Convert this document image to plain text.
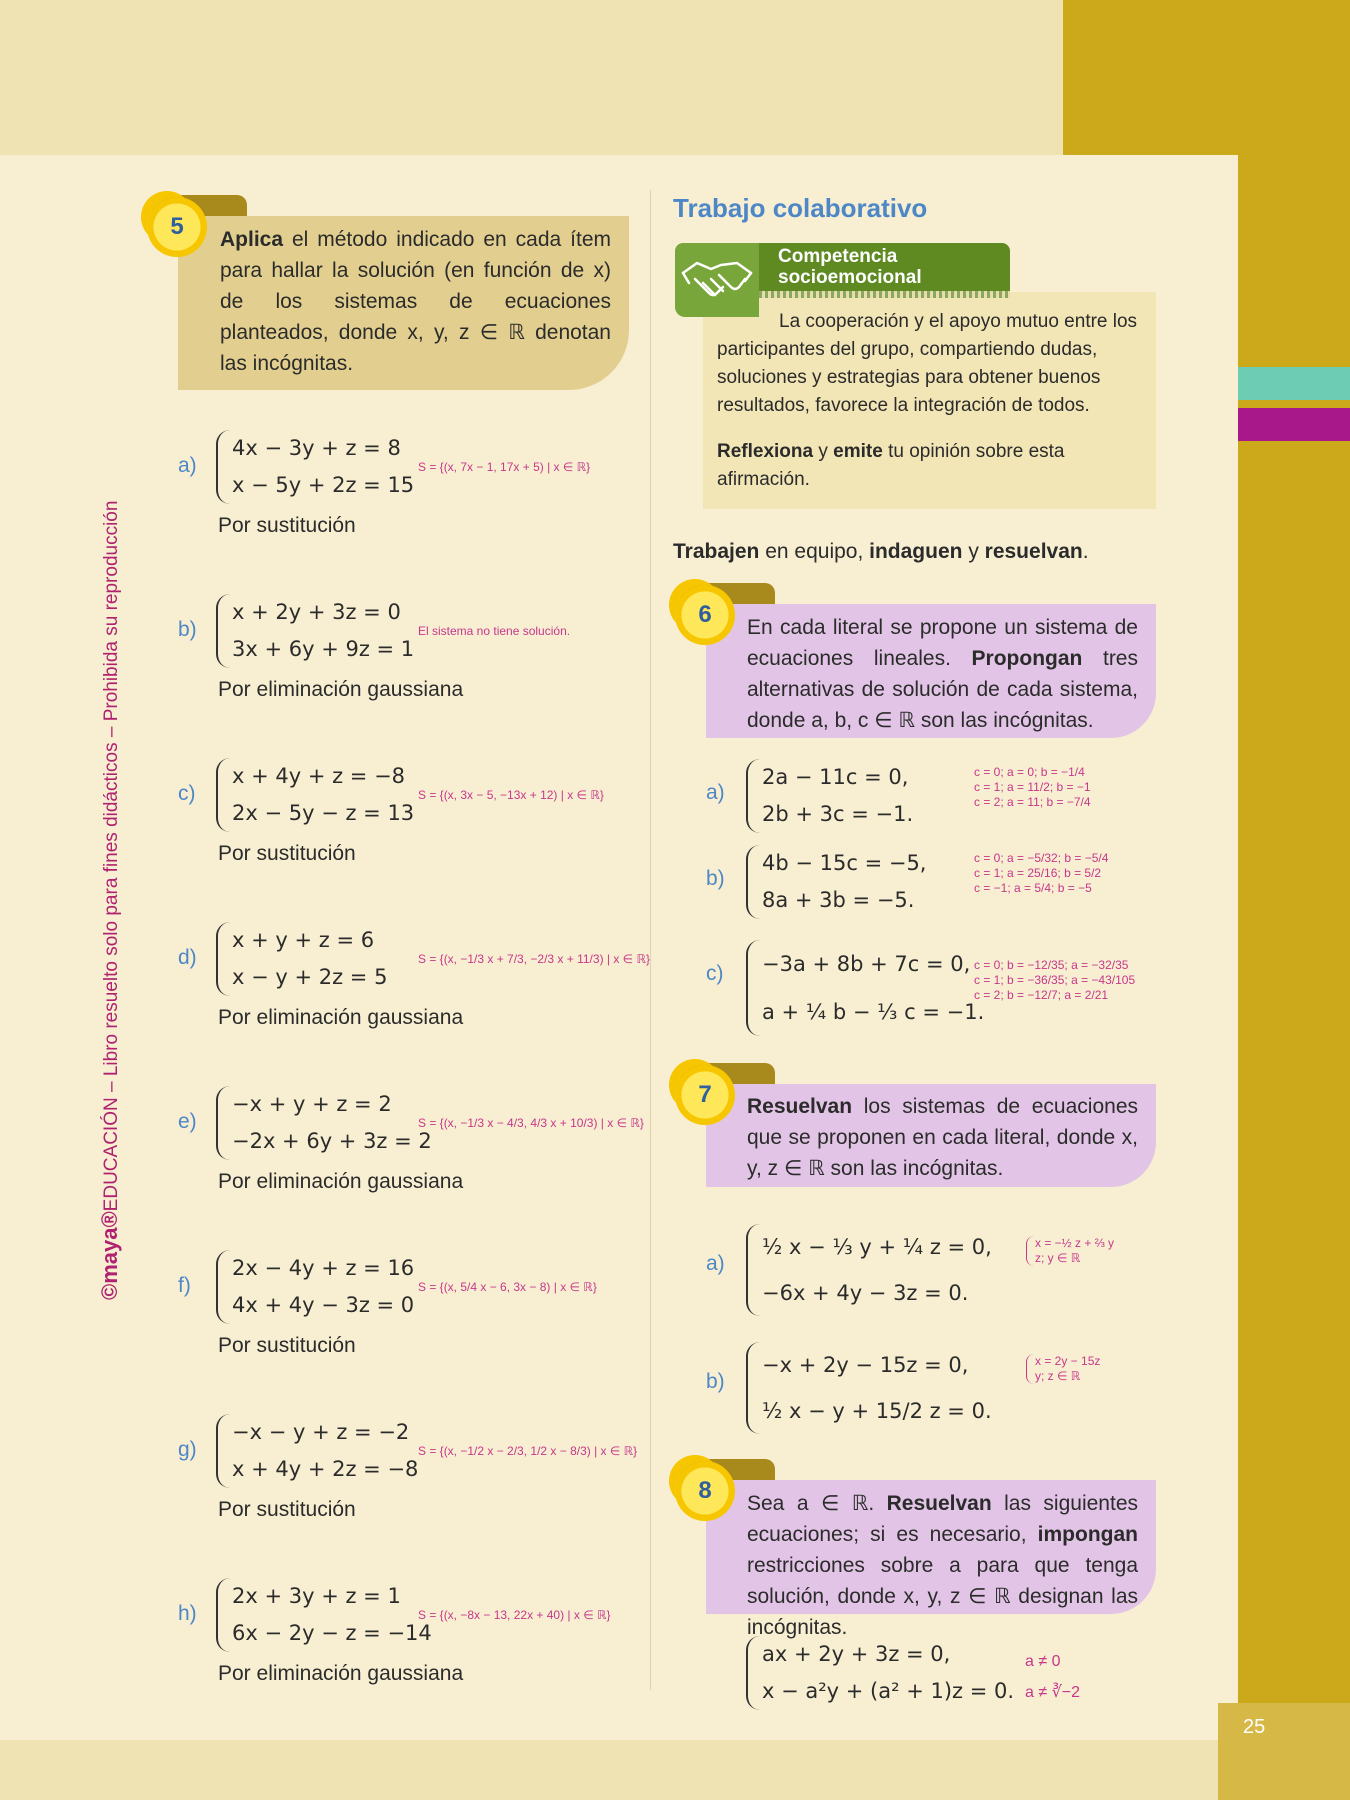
25
©maya®EDUCACIÓN – Libro resuelto solo para fines didácticos – Prohibida su reproducción
Aplica el método indicado en cada ítem para hallar la solución (en función de x) de los sistemas de ecuaciones planteados, donde x, y, z ∈ ℝ denotan las incógnitas.
5
a)
4x − 3y + z = 8
x − 5y + 2z = 15
S = {(x, 7x − 1, 17x + 5) | x ∈ ℝ}
Por sustitución
b)
x + 2y + 3z = 0
3x + 6y + 9z = 1
El sistema no tiene solución.
Por eliminación gaussiana
c)
x + 4y + z = −8
2x − 5y − z = 13
S = {(x, 3x − 5, −13x + 12) | x ∈ ℝ}
Por sustitución
d)
x + y + z = 6
x − y + 2z = 5
S = {(x, −1/3 x + 7/3, −2/3 x + 11/3) | x ∈ ℝ}
Por eliminación gaussiana
e)
−x + y + z = 2
−2x + 6y + 3z = 2
S = {(x, −1/3 x − 4/3, 4/3 x + 10/3) | x ∈ ℝ}
Por eliminación gaussiana
f)
2x − 4y + z = 16
4x + 4y − 3z = 0
S = {(x, 5/4 x − 6, 3x − 8) | x ∈ ℝ}
Por sustitución
g)
−x − y + z = −2
x + 4y + 2z = −8
S = {(x, −1/2 x − 2/3, 1/2 x − 8/3) | x ∈ ℝ}
Por sustitución
h)
2x + 3y + z = 1
6x − 2y − z = −14
S = {(x, −8x − 13, 22x + 40) | x ∈ ℝ}
Por eliminación gaussiana
Trabajo colaborativo

La cooperación y el apoyo mutuo entre los participantes del grupo, compartiendo dudas, soluciones y estrategias para obtener buenos resultados, favorece la integración de todos.

Reflexiona y emite tu opinión sobre esta afirmación.

Competencia
socioemocional
Trabajen en equipo, indaguen y resuelvan.
En cada literal se propone un sistema de ecuaciones lineales. Propongan tres alternativas de solución de cada sistema, donde a, b, c ∈ ℝ son las incógnitas.
6
a)
2a − 11c = 0,
2b + 3c = −1.
c = 0; a = 0; b = −1/4
c = 1; a = 11/2; b = −1
c = 2; a = 11; b = −7/4
b)
4b − 15c = −5,
8a + 3b = −5.
c = 0; a = −5/32; b = −5/4
c = 1; a = 25/16; b = 5/2
c = −1; a = 5/4; b = −5
c) −3a + 8b + 7c = 0,
a + ¹⁄₄ b − ¹⁄₃ c = −1.
c = 0; b = −12/35; a = −32/35
c = 1; b = −36/35; a = −43/105
c = 2; b = −12/7; a = 2/21
Resuelvan los sistemas de ecuaciones que se proponen en cada literal, donde x, y, z ∈ ℝ son las incógnitas.
7
a)
½ x − ⅓ y + ¼ z = 0,
−6x + 4y − 3z = 0.
x = −½ z + ⅔ y
z; y ∈ ℝ
b)
−x + 2y − 15z = 0,
½ x − y + 15/2 z = 0.
x = 2y − 15z
y; z ∈ ℝ
Sea a ∈ ℝ. Resuelvan las siguientes ecuaciones; si es necesario, impongan restricciones sobre a para que tenga solución, donde x, y, z ∈ ℝ designan las incógnitas.
8
ax + 2y + 3z = 0,
x − a²y + (a² + 1)z = 0.
a ≠ 0
a ≠ ∛−2
